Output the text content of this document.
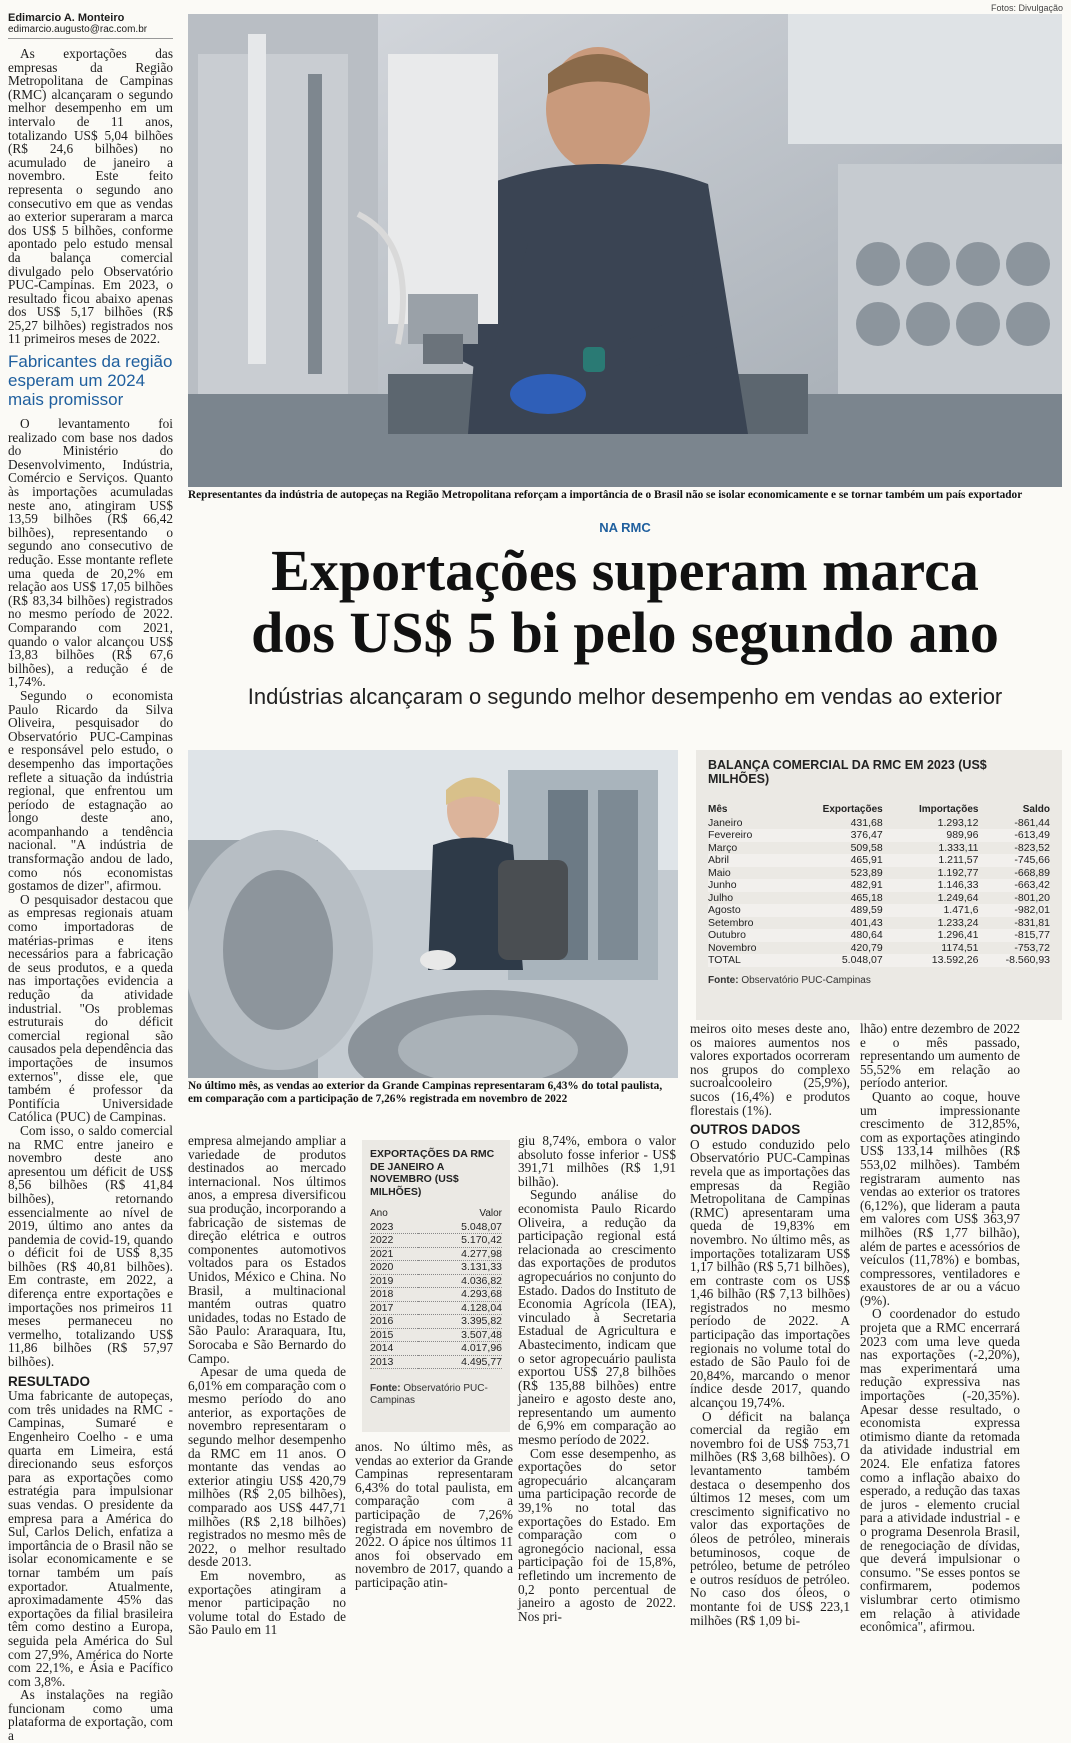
Edimarcio A. Monteiro
edimarcio.augusto@rac.com.br
Fotos: Divulgação
Representantes da indústria de autopeças na Região Metropolitana reforçam a importância de o Brasil não se isolar economicamente e se tornar também um país exportador

As exportações das empresas da Região Metropolitana de Campinas (RMC) alcançaram o segundo melhor desempenho em um intervalo de 11 anos, totalizando US$ 5,04 bilhões (R$ 24,6 bilhões) no acumulado de janeiro a novembro. Este feito representa o segundo ano consecutivo em que as vendas ao exterior superaram a marca dos US$ 5 bilhões, conforme apontado pelo estudo mensal da balança comercial divulgado pelo Observatório PUC-Campinas. Em 2023, o resultado ficou abaixo apenas dos US$ 5,17 bilhões (R$ 25,27 bilhões) registrados nos 11 primeiros meses de 2022.

Fabricantes da região esperam um 2024 mais promissor

O levantamento foi realizado com base nos dados do Ministério do Desenvolvimento, Indústria, Comércio e Serviços. Quanto às importações acumuladas neste ano, atingiram US$ 13,59 bilhões (R$ 66,42 bilhões), representando o segundo ano consecutivo de redução. Esse montante reflete uma queda de 20,2% em relação aos US$ 17,05 bilhões (R$ 83,34 bilhões) registrados no mesmo período de 2022. Comparando com 2021, quando o valor alcançou US$ 13,83 bilhões (R$ 67,6 bilhões), a redução é de 1,74%.

Segundo o economista Paulo Ricardo da Silva Oliveira, pesquisador do Observatório PUC-Campinas e responsável pelo estudo, o desempenho das importações reflete a situação da indústria regional, que enfrentou um período de estagnação ao longo deste ano, acompanhando a tendência nacional. "A indústria de transformação andou de lado, como nós economistas gostamos de dizer", afirmou.

O pesquisador destacou que as empresas regionais atuam como importadoras de matérias-primas e itens necessários para a fabricação de seus produtos, e a queda nas importações evidencia a redução da atividade industrial. "Os problemas estruturais do déficit comercial regional são causados pela dependência das importações de insumos externos", disse ele, que também é professor da Pontifícia Universidade Católica (PUC) de Campinas.

Com isso, o saldo comercial na RMC entre janeiro e novembro deste ano apresentou um déficit de US$ 8,56 bilhões (R$ 41,84 bilhões), retornando essencialmente ao nível de 2019, último ano antes da pandemia de covid-19, quando o déficit foi de US$ 8,35 bilhões (R$ 40,81 bilhões). Em contraste, em 2022, a diferença entre exportações e importações nos primeiros 11 meses permaneceu no vermelho, totalizando US$ 11,86 bilhões (R$ 57,97 bilhões).

RESULTADO

Uma fabricante de autopeças, com três unidades na RMC - Campinas, Sumaré e Engenheiro Coelho - e uma quarta em Limeira, está direcionando seus esforços para as exportações como estratégia para impulsionar suas vendas. O presidente da empresa para a América do Sul, Carlos Delich, enfatiza a importância de o Brasil não se isolar economicamente e se tornar também um país exportador. Atualmente, aproximadamente 45% das exportações da filial brasileira têm como destino a Europa, seguida pela América do Sul com 27,9%, América do Norte com 22,1%, e Ásia e Pacífico com 3,8%.

As instalações na região funcionam como uma plataforma de exportação, com a

NA RMC
Exportações superam marca
dos US$ 5 bi pelo segundo ano
Indústrias alcançaram o segundo melhor desempenho em vendas ao exterior
No último mês, as vendas ao exterior da Grande Campinas representaram 6,43% do total paulista, em comparação com a participação de 7,26% registrada em novembro de 2022
BALANÇA COMERCIAL DA RMC EM 2023 (US$ MILHÕES)
Mês	Exportações	Importações	Saldo
Janeiro	431,68	1.293,12	-861,44
Fevereiro	376,47	989,96	-613,49
Março	509,58	1.333,11	-823,52
Abril	465,91	1.211,57	-745,66
Maio	523,89	1.192,77	-668,89
Junho	482,91	1.146,33	-663,42
Julho	465,18	1.249,64	-801,20
Agosto	489,59	1.471,6	-982,01
Setembro	401,43	1.233,24	-831,81
Outubro	480,64	1.296,41	-815,77
Novembro	420,79	1174,51	-753,72
TOTAL	5.048,07	13.592,26	-8.560,93
Fonte: Observatório PUC-Campinas

empresa almejando ampliar a variedade de produtos destinados ao mercado internacional. Nos últimos anos, a empresa diversificou sua produção, incorporando a fabricação de sistemas de direção elétrica e outros componentes automotivos voltados para os Estados Unidos, México e China. No Brasil, a multinacional mantém outras quatro unidades, todas no Estado de São Paulo: Araraquara, Itu, Sorocaba e São Bernardo do Campo.

Apesar de uma queda de 6,01% em comparação com o mesmo período do ano anterior, as exportações de novembro representaram o segundo melhor desempenho da RMC em 11 anos. O montante das vendas ao exterior atingiu US$ 420,79 milhões (R$ 2,05 bilhões), comparado aos US$ 447,71 milhões (R$ 2,18 bilhões) registrados no mesmo mês de 2022, o melhor resultado desde 2013.

Em novembro, as exportações atingiram a menor participação no volume total do Estado de São Paulo em 11

EXPORTAÇÕES DA RMC DE JANEIRO A NOVEMBRO (US$ MILHÕES)
Ano	Valor
2023	5.048,07
2022	5.170,42
2021	4.277,98
2020	3.131,33
2019	4.036,82
2018	4.293,68
2017	4.128,04
2016	3.395,82
2015	3.507,48
2014	4.017,96
2013	4.495,77
Fonte: Observatório PUC-Campinas

anos. No último mês, as vendas ao exterior da Grande Campinas representaram 6,43% do total paulista, em comparação com a participação de 7,26% registrada em novembro de 2022. O ápice nos últimos 11 anos foi observado em novembro de 2017, quando a participação atin-

giu 8,74%, embora o valor absoluto fosse inferior - US$ 391,71 milhões (R$ 1,91 bilhão).

Segundo análise do economista Paulo Ricardo Oliveira, a redução da participação regional está relacionada ao crescimento das exportações de produtos agropecuários no conjunto do Estado. Dados do Instituto de Economia Agrícola (IEA), vinculado à Secretaria Estadual de Agricultura e Abastecimento, indicam que o setor agropecuário paulista exportou US$ 27,8 bilhões (R$ 135,88 bilhões) entre janeiro e agosto deste ano, representando um aumento de 6,9% em comparação ao mesmo período de 2022.

Com esse desempenho, as exportações do setor agropecuário alcançaram uma participação recorde de 39,1% no total das exportações do Estado. Em comparação com o agronegócio nacional, essa participação foi de 15,8%, refletindo um incremento de 0,2 ponto percentual de janeiro a agosto de 2022. Nos pri-

meiros oito meses deste ano, os maiores aumentos nos valores exportados ocorreram nos grupos do complexo sucroalcooleiro (25,9%), sucos (16,4%) e produtos florestais (1%).

OUTROS DADOS

O estudo conduzido pelo Observatório PUC-Campinas revela que as importações das empresas da Região Metropolitana de Campinas (RMC) apresentaram uma queda de 19,83% em novembro. No último mês, as importações totalizaram US$ 1,17 bilhão (R$ 5,71 bilhões), em contraste com os US$ 1,46 bilhão (R$ 7,13 bilhões) registrados no mesmo período de 2022. A participação das importações regionais no volume total do estado de São Paulo foi de 20,84%, marcando o menor índice desde 2017, quando alcançou 19,74%.

O déficit na balança comercial da região em novembro foi de US$ 753,71 milhões (R$ 3,68 bilhões). O levantamento também destaca o desempenho dos últimos 12 meses, com um crescimento significativo no valor das exportações de óleos de petróleo, minerais betuminosos, coque de petróleo, betume de petróleo e outros resíduos de petróleo. No caso dos óleos, o montante foi de US$ 223,1 milhões (R$ 1,09 bi-

lhão) entre dezembro de 2022 e o mês passado, representando um aumento de 55,52% em relação ao período anterior.

Quanto ao coque, houve um impressionante crescimento de 312,85%, com as exportações atingindo US$ 133,14 milhões (R$ 553,02 milhões). Também registraram aumento nas vendas ao exterior os tratores (6,12%), que lideram a pauta em valores com US$ 363,97 milhões (R$ 1,77 bilhão), além de partes e acessórios de veículos (11,78%) e bombas, compressores, ventiladores e exaustores de ar ou a vácuo (9%).

O coordenador do estudo projeta que a RMC encerrará 2023 com uma leve queda nas exportações (-2,20%), mas experimentará uma redução expressiva nas importações (-20,35%). Apesar desse resultado, o economista expressa otimismo diante da retomada da atividade industrial em 2024. Ele enfatiza fatores como a inflação abaixo do esperado, a redução das taxas de juros - elemento crucial para a atividade industrial - e o programa Desenrola Brasil, de renegociação de dívidas, que deverá impulsionar o consumo. "Se esses pontos se confirmarem, podemos vislumbrar certo otimismo em relação à atividade econômica", afirmou.
